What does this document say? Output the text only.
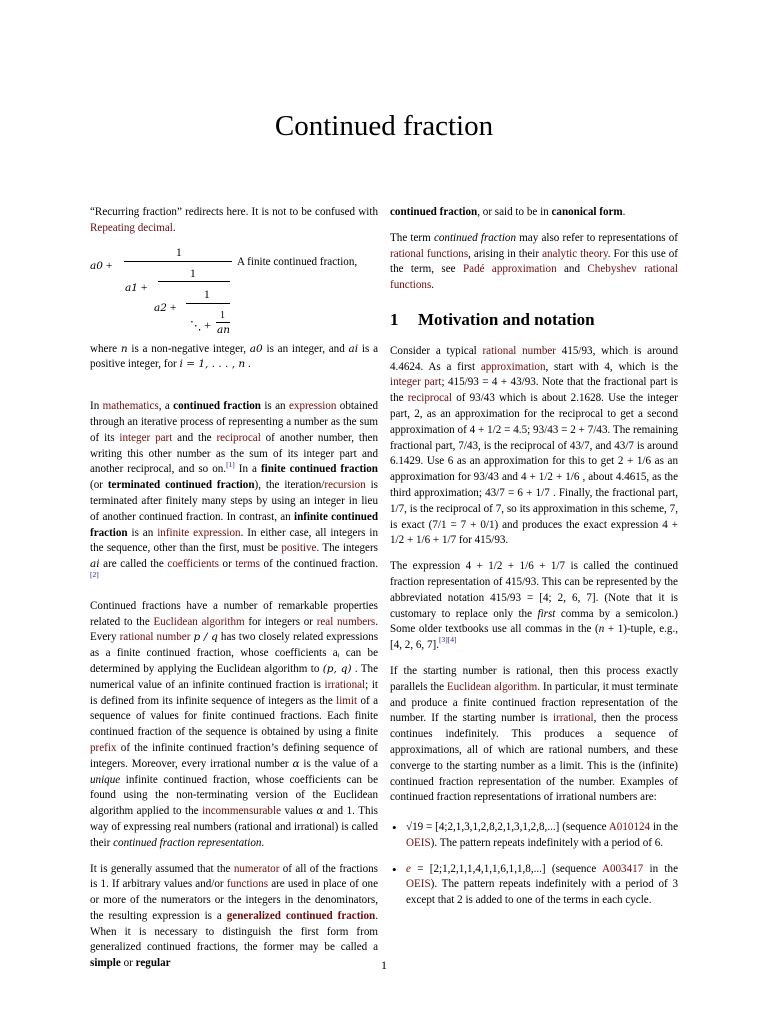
Continued fraction

“Recurring fraction” redirects here. It is not to be confused with Repeating decimal.

a0 +
1
A finite continued fraction,
a1 +
1
a2 +
1
⋱ +
1
an

where n is a non-negative integer, a0 is an integer, and ai is a positive integer, for i = 1, . . . , n .

In mathematics, a continued fraction is an expression obtained through an iterative process of representing a number as the sum of its integer part and the reciprocal of another number, then writing this other number as the sum of its integer part and another reciprocal, and so on.[1] In a finite continued fraction (or terminated continued fraction), the iteration/recursion is terminated after finitely many steps by using an integer in lieu of another continued fraction. In contrast, an infinite continued fraction is an infinite expression. In either case, all integers in the sequence, other than the first, must be positive. The integers ai are called the coefficients or terms of the continued fraction.[2]

Continued fractions have a number of remarkable properties related to the Euclidean algorithm for integers or real numbers. Every rational number p / q has two closely related expressions as a finite continued fraction, whose coefficients aᵢ can be determined by applying the Euclidean algorithm to (p, q) . The numerical value of an infinite continued fraction is irrational; it is defined from its infinite sequence of integers as the limit of a sequence of values for finite continued fractions. Each finite continued fraction of the sequence is obtained by using a finite prefix of the infinite continued fraction’s defining sequence of integers. Moreover, every irrational number α is the value of a unique infinite continued fraction, whose coefficients can be found using the non-terminating version of the Euclidean algorithm applied to the incommensurable values α and 1. This way of expressing real numbers (rational and irrational) is called their continued fraction representation.

It is generally assumed that the numerator of all of the fractions is 1. If arbitrary values and/or functions are used in place of one or more of the numerators or the integers in the denominators, the resulting expression is a generalized continued fraction. When it is necessary to distinguish the first form from generalized continued fractions, the former may be called a simple or regular

continued fraction, or said to be in canonical form.

The term continued fraction may also refer to representations of rational functions, arising in their analytic theory. For this use of the term, see Padé approximation and Chebyshev rational functions.

1	Motivation and notation

Consider a typical rational number 415/93, which is around 4.4624. As a first approximation, start with 4, which is the integer part; 415/93 = 4 + 43/93. Note that the fractional part is the reciprocal of 93/43 which is about 2.1628. Use the integer part, 2, as an approximation for the reciprocal to get a second approximation of 4 + 1/2 = 4.5; 93/43 = 2 + 7/43. The remaining fractional part, 7/43, is the reciprocal of 43/7, and 43/7 is around 6.1429. Use 6 as an approximation for this to get 2 + 1/6 as an approximation for 93/43 and 4 + 1/2 + 1/6 , about 4.4615, as the third approximation; 43/7 = 6 + 1/7 . Finally, the fractional part, 1/7, is the reciprocal of 7, so its approximation in this scheme, 7, is exact (7/1 = 7 + 0/1) and produces the exact expression 4 + 1/2 + 1/6 + 1/7 for 415/93.

The expression 4 + 1/2 + 1/6 + 1/7 is called the continued fraction representation of 415/93. This can be represented by the abbreviated notation 415/93 = [4; 2, 6, 7]. (Note that it is customary to replace only the first comma by a semicolon.) Some older textbooks use all commas in the (n + 1)-tuple, e.g., [4, 2, 6, 7].[3][4]

If the starting number is rational, then this process exactly parallels the Euclidean algorithm. In particular, it must terminate and produce a finite continued fraction representation of the number. If the starting number is irrational, then the process continues indefinitely. This produces a sequence of approximations, all of which are rational numbers, and these converge to the starting number as a limit. This is the (infinite) continued fraction representation of the number. Examples of continued fraction representations of irrational numbers are:

• √19 = [4;2,1,3,1,2,8,2,1,3,1,2,8,...] (sequence A010124 in the OEIS). The pattern repeats indefinitely with a period of 6.
• e = [2;1,2,1,1,4,1,1,6,1,1,8,...] (sequence A003417 in the OEIS). The pattern repeats indefinitely with a period of 3 except that 2 is added to one of the terms in each cycle.
1
